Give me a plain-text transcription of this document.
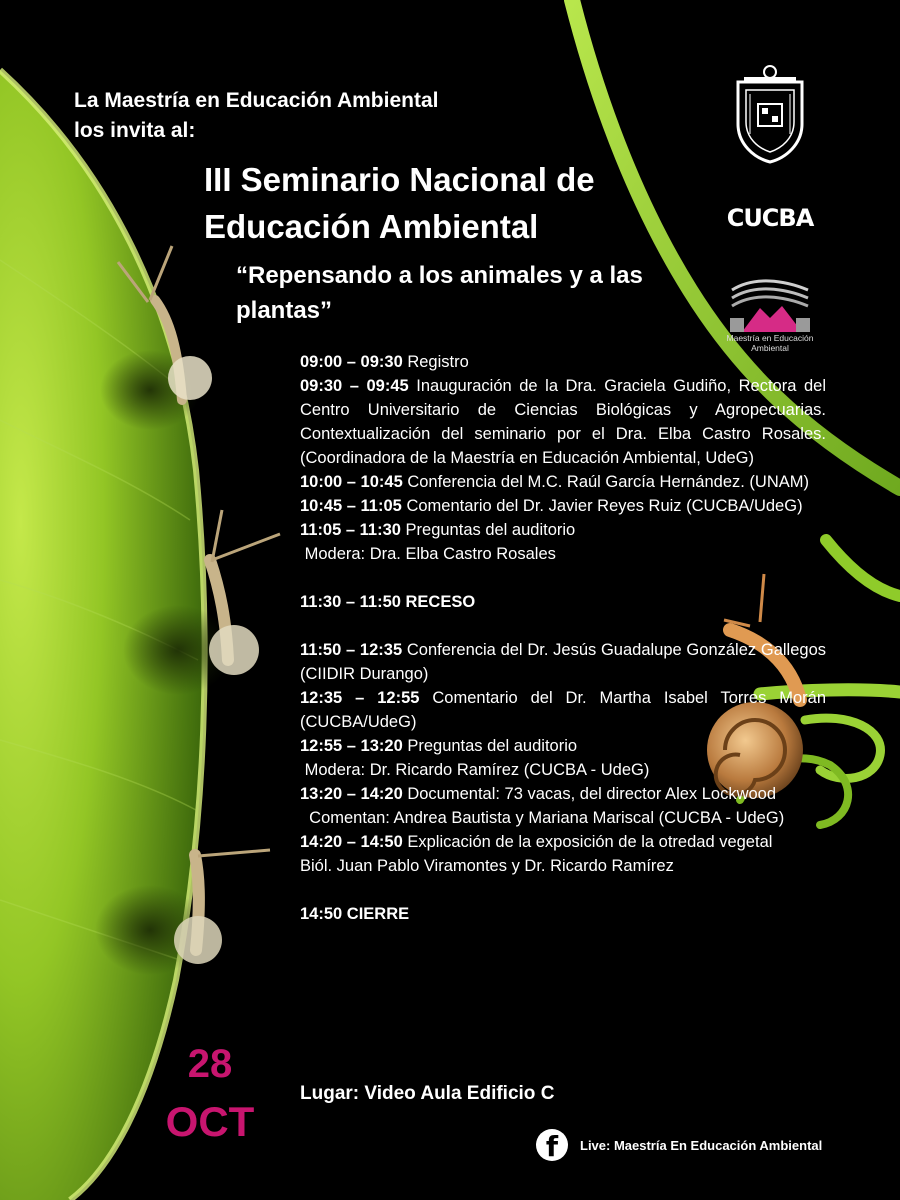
CUCBA
Maestría en Educación Ambiental

La Maestría en Educación Ambiental
los invita al:

III Seminario Nacional de
Educación Ambiental

“Repensando a los animales y a las plantas”

09:00 – 09:30 Registro

09:30 – 09:45 Inauguración de la Dra. Graciela Gudiño, Rectora del Centro Universitario de Ciencias Biológicas y Agropecuarias. Contextualización del seminario por el Dra. Elba Castro Rosales. (Coordinadora de la Maestría en Educación Ambiental, UdeG)

10:00 – 10:45 Conferencia del M.C. Raúl García Hernández. (UNAM)

10:45 – 11:05 Comentario del Dr. Javier Reyes Ruiz (CUCBA/UdeG)

11:05 – 11:30 Preguntas del auditorio

Modera: Dra. Elba Castro Rosales

11:30 – 11:50 RECESO

11:50 – 12:35 Conferencia del Dr. Jesús Guadalupe González Gallegos (CIIDIR Durango)

12:35 – 12:55 Comentario del Dr. Martha Isabel Torres Morán (CUCBA/UdeG)

12:55 – 13:20 Preguntas del auditorio

Modera: Dr. Ricardo Ramírez (CUCBA - UdeG)

13:20 – 14:20 Documental: 73 vacas, del director Alex Lockwood

Comentan: Andrea Bautista y Mariana Mariscal (CUCBA - UdeG)

14:20 – 14:50 Explicación de la exposición de la otredad vegetal

Biól. Juan Pablo Viramontes y Dr. Ricardo Ramírez

14:50 CIERRE

28
OCT
Lugar: Video Aula Edificio C
f	Live: Maestría En Educación Ambiental
